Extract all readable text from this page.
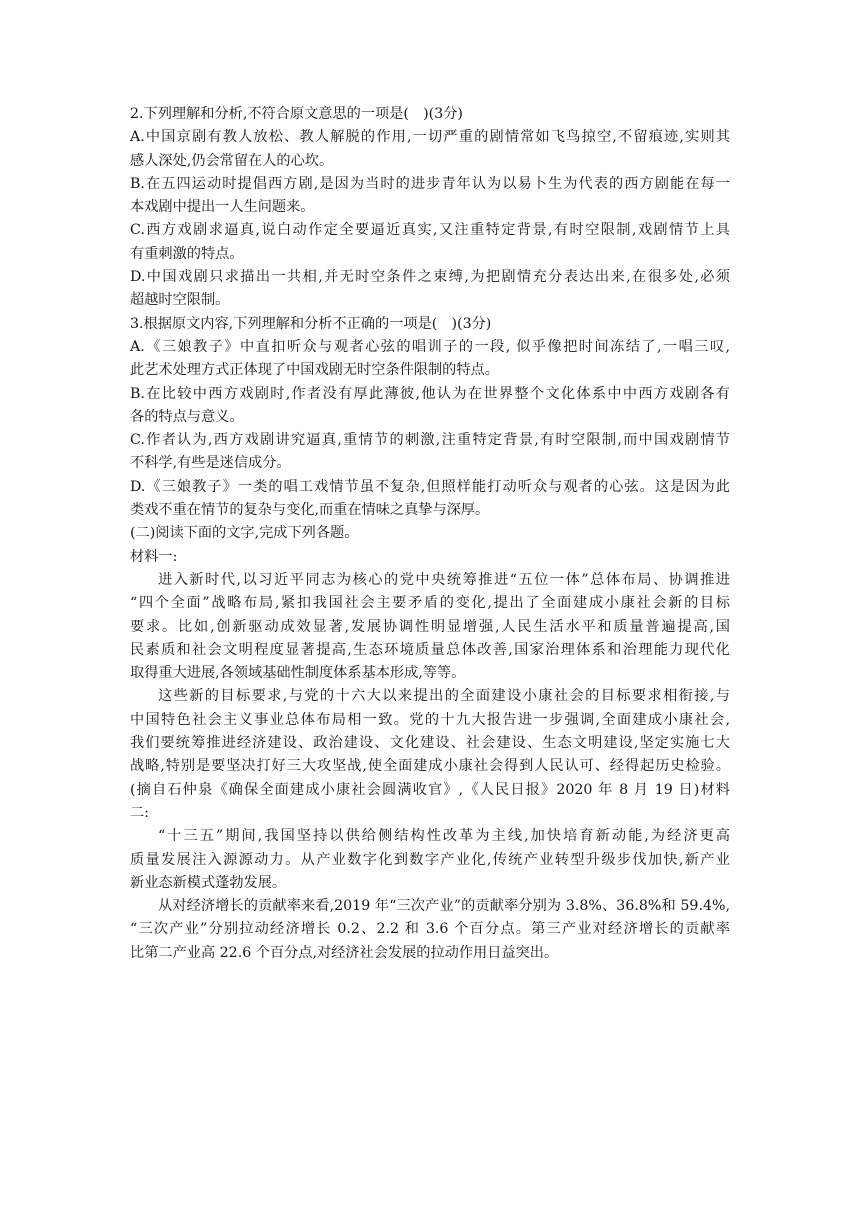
2.下列理解和分析,不符合原文意思的一项是(　)(3分)
A.中国京剧有教人放松、教人解脱的作用,一切严重的剧情常如飞鸟掠空,不留痕迹,实则其
感人深处,仍会常留在人的心坎。
B.在五四运动时提倡西方剧,是因为当时的进步青年认为以易卜生为代表的西方剧能在每一
本戏剧中提出一人生问题来。
C.西方戏剧求逼真,说白动作定全要逼近真实,又注重特定背景,有时空限制,戏剧情节上具
有重刺激的特点。
D.中国戏剧只求描出一共相,并无时空条件之束缚,为把剧情充分表达出来,在很多处,必须
超越时空限制。
3.根据原文内容,下列理解和分析不正确的一项是(　)(3分)
A.《三娘教子》中直扣听众与观者心弦的唱训子的一段, 似乎像把时间冻结了,一唱三叹,
此艺术处理方式正体现了中国戏剧无时空条件限制的特点。
B.在比较中西方戏剧时,作者没有厚此薄彼,他认为在世界整个文化体系中中西方戏剧各有
各的特点与意义。
C.作者认为,西方戏剧讲究逼真,重情节的刺激,注重特定背景,有时空限制,而中国戏剧情节
不科学,有些是迷信成分。
D.《三娘教子》一类的唱工戏情节虽不复杂,但照样能打动听众与观者的心弦。这是因为此
类戏不重在情节的复杂与变化,而重在情味之真挚与深厚。
(二)阅读下面的文字,完成下列各题。
材料一:
进入新时代,以习近平同志为核心的党中央统筹推进“五位一体”总体布局、协调推进
“四个全面”战略布局,紧扣我国社会主要矛盾的变化,提出了全面建成小康社会新的目标
要求。比如,创新驱动成效显著,发展协调性明显增强,人民生活水平和质量普遍提高,国
民素质和社会文明程度显著提高,生态环境质量总体改善,国家治理体系和治理能力现代化
取得重大进展,各领域基础性制度体系基本形成,等等。
这些新的目标要求,与党的十六大以来提出的全面建设小康社会的目标要求相衔接,与
中国特色社会主义事业总体布局相一致。党的十九大报告进一步强调,全面建成小康社会,
我们要统筹推进经济建设、政治建设、文化建设、社会建设、生态文明建设,坚定实施七大
战略,特别是要坚决打好三大攻坚战,使全面建成小康社会得到人民认可、经得起历史检验。
(摘自石仲泉《确保全面建成小康社会圆满收官》,《人民日报》2020 年 8 月 19 日)材料
二:
“十三五”期间,我国坚持以供给侧结构性改革为主线,加快培育新动能,为经济更高
质量发展注入源源动力。从产业数字化到数字产业化,传统产业转型升级步伐加快,新产业
新业态新模式蓬勃发展。
从对经济增长的贡献率来看,2019 年“三次产业”的贡献率分别为 3.8%、36.8%和 59.4%,
“三次产业”分别拉动经济增长 0.2、2.2 和 3.6 个百分点。第三产业对经济增长的贡献率
比第二产业高 22.6 个百分点,对经济社会发展的拉动作用日益突出。
